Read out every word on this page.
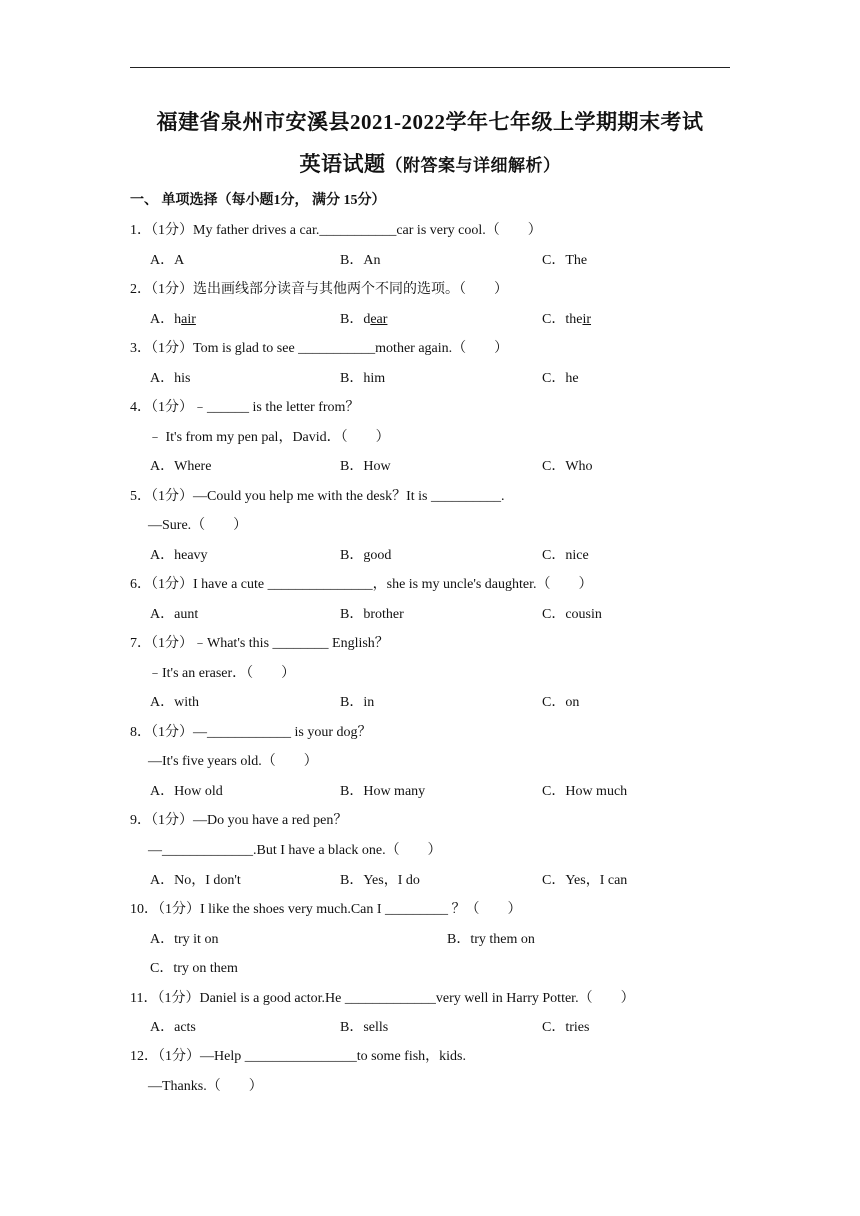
福建省泉州市安溪县2021-2022学年七年级上学期期末考试
英语试题（附答案与详细解析）
一、 单项选择（每小题1分， 满分 15分）
1．（1分）My father drives a car.___________car is very cool.（　　）
A．A	B．An	C．The
2．（1分）选出画线部分读音与其他两个不同的选项。（　　）
A．hair	B．dear	C．their
3．（1分）Tom is glad to see ___________mother again.（　　）
A．his	B．him	C．he
4．（1分）﹣______ is the letter from？
﹣ It's from my pen pal，David．（　　）
A．Where	B．How	C．Who
5．（1分）—Could you help me with the desk？It is __________.
—Sure.（　　）
A．heavy	B．good	C．nice
6．（1分）I have a cute _______________，she is my uncle's daughter.（　　）
A．aunt	B．brother	C．cousin
7．（1分）﹣What's this ________ English？
﹣It's an eraser．（　　）
A．with	B．in	C．on
8．（1分）—____________ is your dog？
—It's five years old.（　　）
A．How old	B．How many	C．How much
9．（1分）—Do you have a red pen？
—_____________.But I have a black one.（　　）
A．No，I don't	B．Yes，I do	C．Yes，I can
10．（1分）I like the shoes very much.Can I _________ ？（　　）
A．try it on	B．try them on
C．try on them
11．（1分）Daniel is a good actor.He _____________very well in Harry Potter.（　　）
A．acts	B．sells	C．tries
12．（1分）—Help ________________to some fish，kids.
—Thanks.（　　）
